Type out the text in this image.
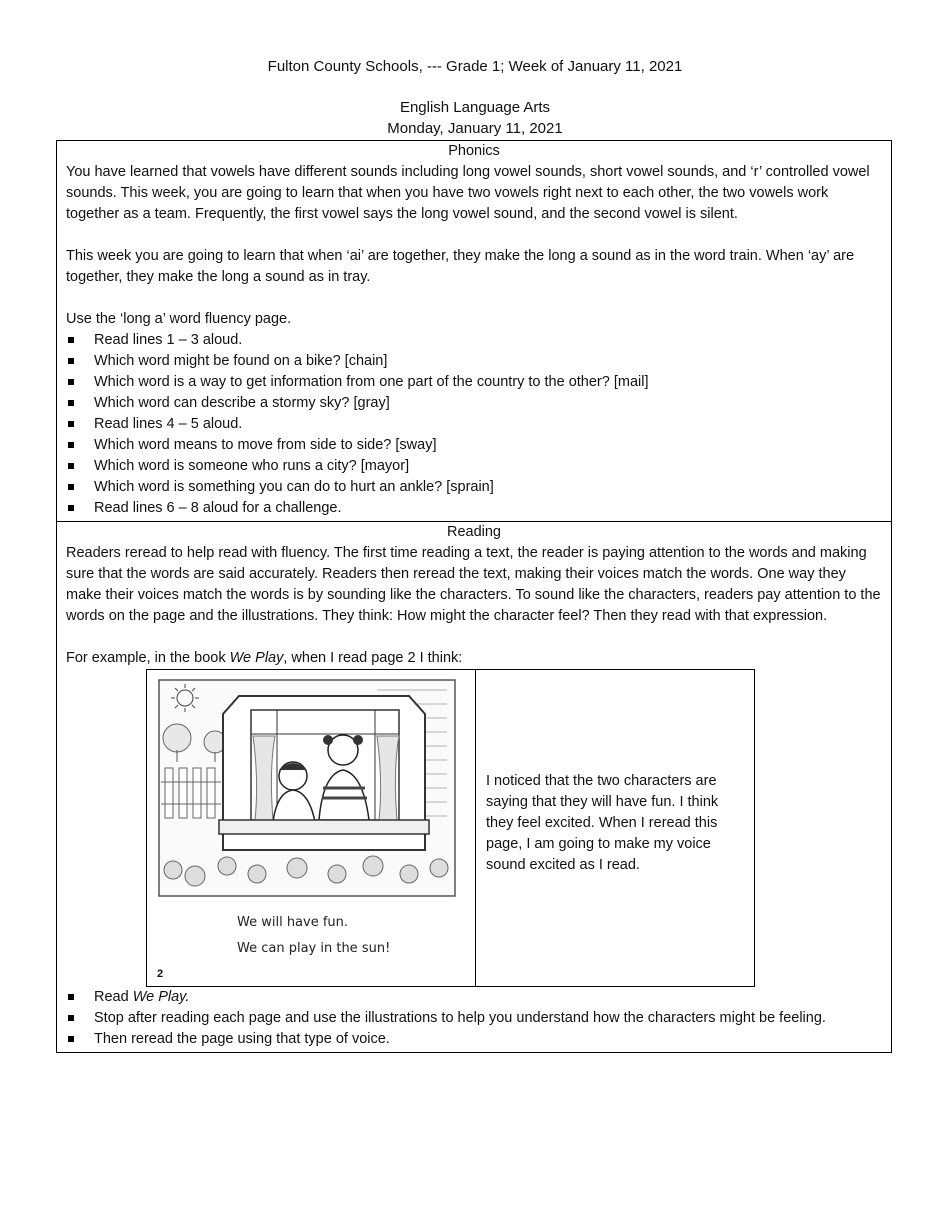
Fulton County Schools, --- Grade 1; Week of January 11, 2021
English Language Arts
Monday, January 11, 2021
Phonics

You have learned that vowels have different sounds including long vowel sounds, short vowel sounds, and ‘r’ controlled vowel sounds. This week, you are going to learn that when you have two vowels right next to each other, the two vowels work together as a team. Frequently, the first vowel says the long vowel sound, and the second vowel is silent.

This week you are going to learn that when ‘ai’ are together, they make the long a sound as in the word train. When ‘ay’ are together, they make the long a sound as in tray.

Use the ‘long a’ word fluency page.

Read lines 1 – 3 aloud.
Which word might be found on a bike? [chain]
Which word is a way to get information from one part of the country to the other? [mail]
Which word can describe a stormy sky? [gray]
Read lines 4 – 5 aloud.
Which word means to move from side to side? [sway]
Which word is someone who runs a city? [mayor]
Which word is something you can do to hurt an ankle? [sprain]
Read lines 6 – 8 aloud for a challenge.
Reading

Readers reread to help read with fluency. The first time reading a text, the reader is paying attention to the words and making sure that the words are said accurately. Readers then reread the text, making their voices match the words. One way they make their voices match the words is by sounding like the characters. To sound like the characters, readers pay attention to the words on the page and the illustrations. They think: How might the character feel? Then they read with that expression.

For example, in the book We Play, when I read page 2 I think:

We will have fun.
We can play in the sun!
2

I noticed that the two characters are saying that they will have fun. I think they feel excited. When I reread this page, I am going to make my voice sound excited as I read.

Read We Play.
Stop after reading each page and use the illustrations to help you understand how the characters might be feeling.
Then reread the page using that type of voice.
